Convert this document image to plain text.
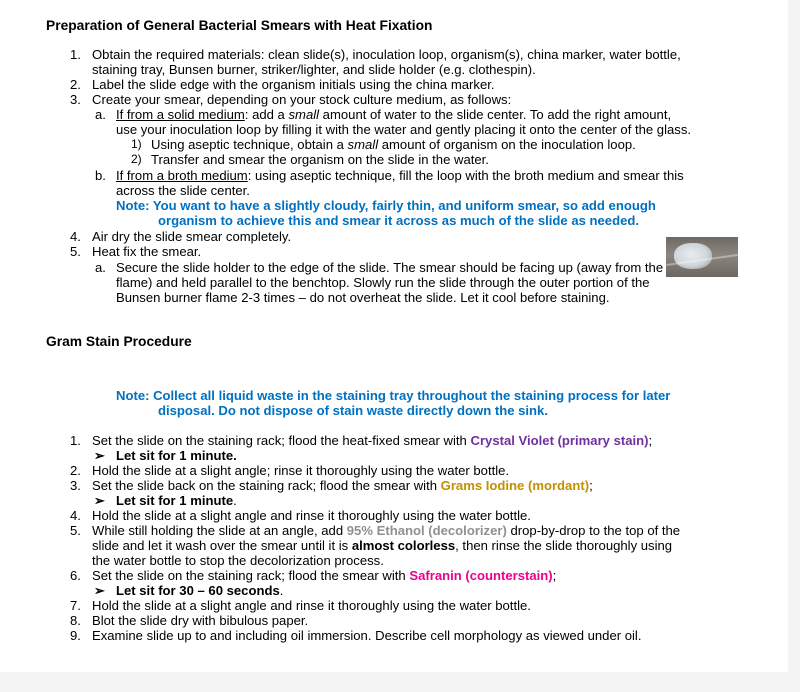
Preparation of General Bacterial Smears with Heat Fixation
1. Obtain the required materials: clean slide(s), inoculation loop, organism(s), china marker, water bottle,
staining tray, Bunsen burner, striker/lighter, and slide holder (e.g. clothespin).
2. Label the slide edge with the organism initials using the china marker.
3. Create your smear, depending on your stock culture medium, as follows:
a. If from a solid medium: add a small amount of water to the slide center. To add the right amount,
use your inoculation loop by filling it with the water and gently placing it onto the center of the glass.
1) Using aseptic technique, obtain a small amount of organism on the inoculation loop.
2) Transfer and smear the organism on the slide in the water.
b. If from a broth medium: using aseptic technique, fill the loop with the broth medium and smear this
across the slide center.
Note: You want to have a slightly cloudy, fairly thin, and uniform smear, so add enough
organism to achieve this and smear it across as much of the slide as needed.
4. Air dry the slide smear completely.
5. Heat fix the smear.
a. Secure the slide holder to the edge of the slide. The smear should be facing up (away from the
flame) and held parallel to the benchtop. Slowly run the slide through the outer portion of the
Bunsen burner flame 2-3 times – do not overheat the slide. Let it cool before staining.
Gram Stain Procedure
Note: Collect all liquid waste in the staining tray throughout the staining process for later
disposal. Do not dispose of stain waste directly down the sink.
1. Set the slide on the staining rack; flood the heat-fixed smear with Crystal Violet (primary stain);
➢ Let sit for 1 minute.
2. Hold the slide at a slight angle; rinse it thoroughly using the water bottle.
3. Set the slide back on the staining rack; flood the smear with Grams Iodine (mordant);
➢ Let sit for 1 minute.
4. Hold the slide at a slight angle and rinse it thoroughly using the water bottle.
5. While still holding the slide at an angle, add 95% Ethanol (decolorizer) drop-by-drop to the top of the
slide and let it wash over the smear until it is almost colorless, then rinse the slide thoroughly using
the water bottle to stop the decolorization process.
6. Set the slide on the staining rack; flood the smear with Safranin (counterstain);
➢ Let sit for 30 – 60 seconds.
7. Hold the slide at a slight angle and rinse it thoroughly using the water bottle.
8. Blot the slide dry with bibulous paper.
9. Examine slide up to and including oil immersion. Describe cell morphology as viewed under oil.
